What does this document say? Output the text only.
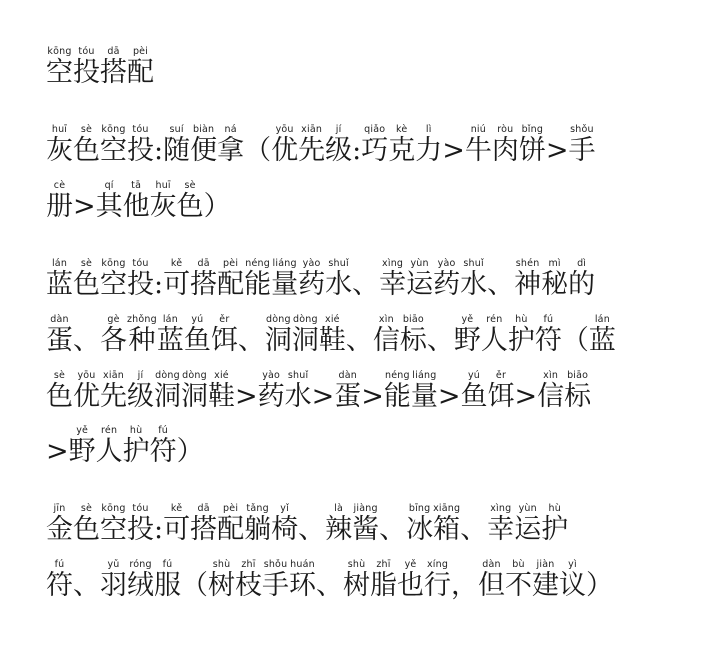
空kōng
投tóu
搭dā
配pèi
灰huī
色sè
空kōng
投tóu
: 随suí
便biàn
拿ná
（ 优yōu
先xiān
级jí
: 巧qiǎo
克kè
力lì
> 牛niú
肉ròu
饼bǐng
> 手shǒu
册cè
> 其qí
他tā
灰huī
色sè
）
蓝lán
色sè
空kōng
投tóu
: 可kě
搭dā
配pèi
能néng
量liáng
药yào
水shuǐ
、 幸xìng
运yùn
药yào
水shuǐ
、 神shén
秘mì
的dì
蛋dàn
、 各gè
种zhǒng
蓝lán
鱼yú
饵ěr
、 洞dòng
洞dòng
鞋xié
、 信xìn
标biāo
、 野yě
人rén
护hù
符fú
（ 蓝lán
色sè
优yōu
先xiān
级jí
洞dòng
洞dòng
鞋xié
> 药yào
水shuǐ
> 蛋dàn
> 能néng
量liáng
> 鱼yú
饵ěr
> 信xìn
标biāo
> 野yě
人rén
护hù
符fú
）
金jīn
色sè
空kōng
投tóu
: 可kě
搭dā
配pèi
躺tǎng
椅yǐ
、 辣là
酱jiàng
、 冰bīng
箱xiāng
、 幸xìng
运yùn
护hù
符fú
、 羽yǔ
绒róng
服fú
（ 树shù
枝zhī
手shǒu
环huán
、 树shù
脂zhī
也yě
行xíng
， 但dàn
不bù
建jiàn
议yì
）
